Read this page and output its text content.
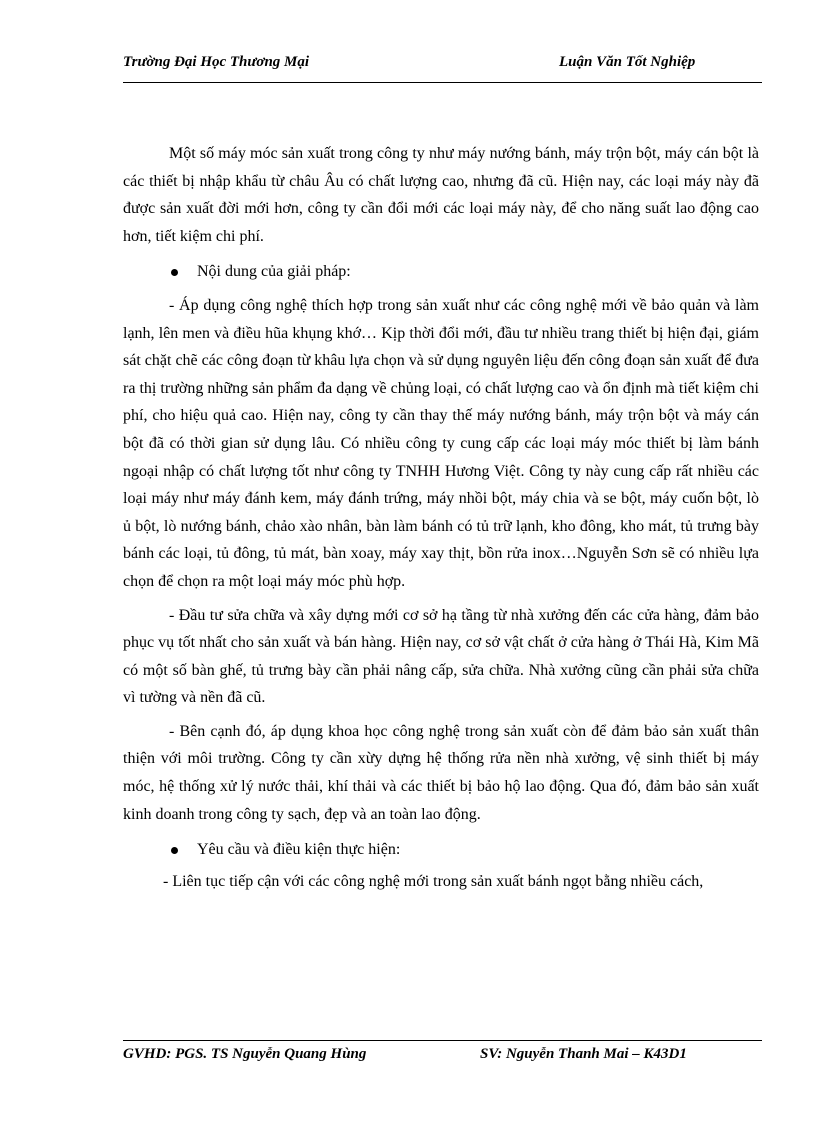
Trường Đại Học Thương Mại	Luận Văn Tốt Nghiệp

Một số máy móc sản xuất trong công ty như máy nướng bánh, máy trộn bột, máy cán bột là các thiết bị nhập khẩu từ châu Âu có chất lượng cao, nhưng đã cũ. Hiện nay, các loại máy này đã được sản xuất đời mới hơn, công ty cần đổi mới các loại máy này, để cho năng suất lao động cao hơn, tiết kiệm chi phí.

Nội dung của giải pháp:

- Áp dụng công nghệ thích hợp trong sản xuất như các công nghệ mới về bảo quản và làm lạnh, lên men và điều hũa khụng khớ… Kịp thời đổi mới, đầu tư nhiều trang thiết bị hiện đại, giám sát chặt chẽ các công đoạn từ khâu lựa chọn và sử dụng nguyên liệu đến công đoạn sản xuất để đưa ra thị trường những sản phẩm đa dạng về chủng loại, có chất lượng cao và ổn định mà tiết kiệm chi phí, cho hiệu quả cao. Hiện nay, công ty cần thay thế máy nướng bánh, máy trộn bột và máy cán bột đã có thời gian sử dụng lâu. Có nhiều công ty cung cấp các loại máy móc thiết bị làm bánh ngoại nhập có chất lượng tốt như công ty TNHH Hương Việt. Công ty này cung cấp rất nhiều các loại máy như máy đánh kem, máy đánh trứng, máy nhồi bột, máy chia và se bột, máy cuốn bột, lò ủ bột, lò nướng bánh, chảo xào nhân, bàn làm bánh có tủ trữ lạnh, kho đông, kho mát, tủ trưng bày bánh các loại, tủ đông, tủ mát, bàn xoay, máy xay thịt, bồn rửa inox…Nguyễn Sơn sẽ có nhiều lựa chọn để chọn ra một loại máy móc phù hợp.

- Đầu tư sửa chữa và xây dựng mới cơ sở hạ tầng từ nhà xưởng đến các cửa hàng, đảm bảo phục vụ tốt nhất cho sản xuất và bán hàng. Hiện nay, cơ sở vật chất ở cửa hàng ở Thái Hà, Kim Mã có một số bàn ghế, tủ trưng bày cần phải nâng cấp, sửa chữa. Nhà xưởng cũng cần phải sửa chữa vì tường và nền đã cũ.

- Bên cạnh đó, áp dụng khoa học công nghệ trong sản xuất còn để đảm bảo sản xuất thân thiện với môi trường. Công ty cần xừy dựng hệ thống rửa nền nhà xưởng, vệ sinh thiết bị máy móc, hệ thống xử lý nước thải, khí thải và các thiết bị bảo hộ lao động. Qua đó, đảm bảo sản xuất kinh doanh trong công ty sạch, đẹp và an toàn lao động.

Yêu cầu và điều kiện thực hiện:

- Liên tục tiếp cận với các công nghệ mới trong sản xuất bánh ngọt bằng nhiều cách,

GVHD: PGS. TS Nguyễn Quang Hùng	SV: Nguyễn Thanh Mai – K43D1
